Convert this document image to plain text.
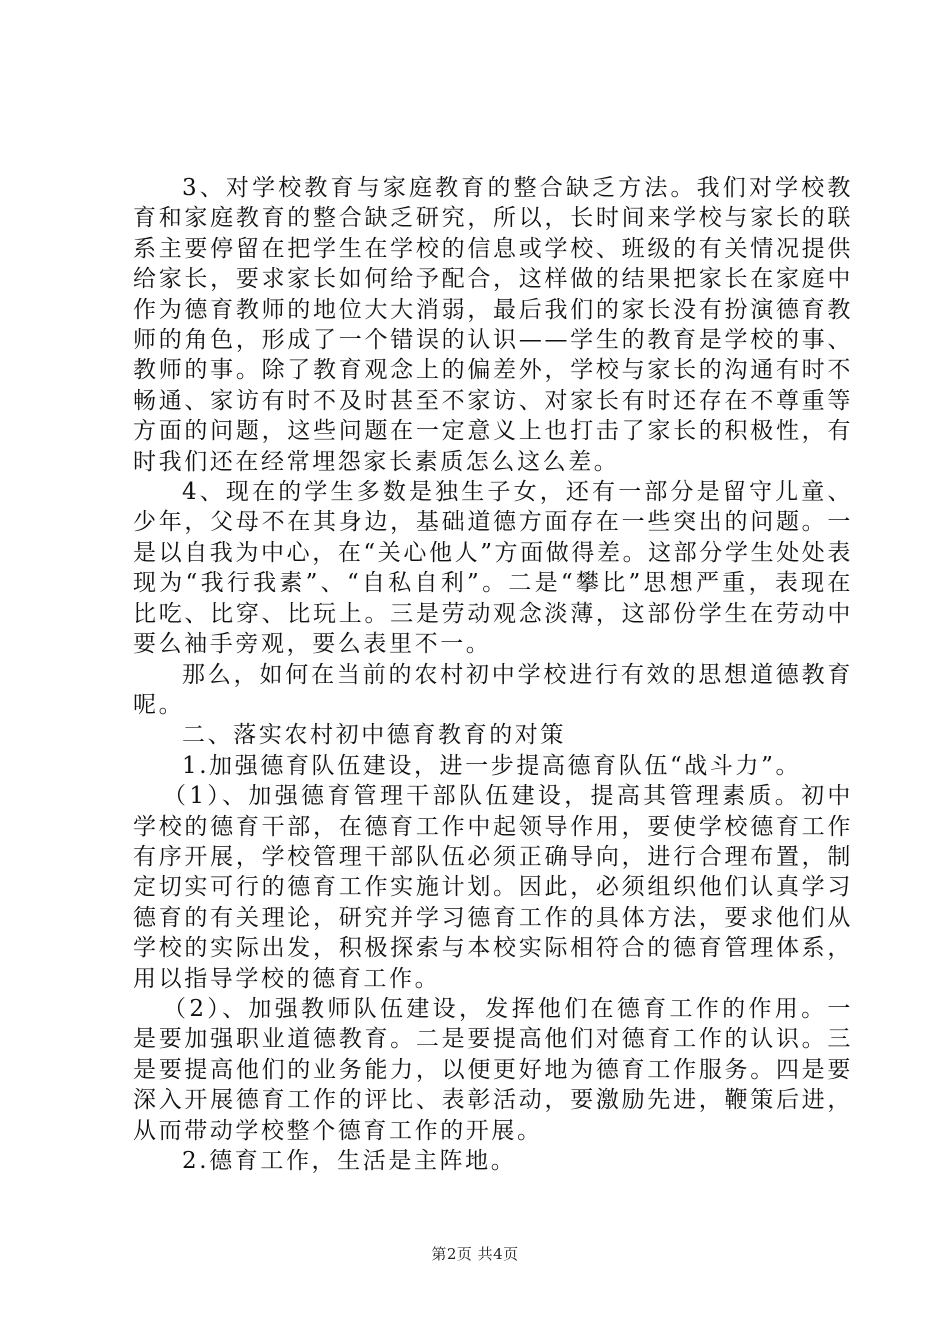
3、对学校教育与家庭教育的整合缺乏方法。我们对学校教育和家庭教育的整合缺乏研究，所以，长时间来学校与家长的联系主要停留在把学生在学校的信息或学校、班级的有关情况提供给家长，要求家长如何给予配合，这样做的结果把家长在家庭中作为德育教师的地位大大消弱，最后我们的家长没有扮演德育教师的角色，形成了一个错误的认识——学生的教育是学校的事、教师的事。除了教育观念上的偏差外，学校与家长的沟通有时不畅通、家访有时不及时甚至不家访、对家长有时还存在不尊重等方面的问题，这些问题在一定意义上也打击了家长的积极性，有时我们还在经常埋怨家长素质怎么这么差。

4、现在的学生多数是独生子女，还有一部分是留守儿童、少年，父母不在其身边，基础道德方面存在一些突出的问题。一是以自我为中心，在“关心他人”方面做得差。这部分学生处处表现为“我行我素”、“自私自利”。二是“攀比”思想严重，表现在比吃、比穿、比玩上。三是劳动观念淡薄，这部份学生在劳动中要么袖手旁观，要么表里不一。

那么，如何在当前的农村初中学校进行有效的思想道德教育呢。

二、落实农村初中德育教育的对策

1.加强德育队伍建设，进一步提高德育队伍“战斗力”。

（1）、加强德育管理干部队伍建设，提高其管理素质。初中学校的德育干部，在德育工作中起领导作用，要使学校德育工作有序开展，学校管理干部队伍必须正确导向，进行合理布置，制定切实可行的德育工作实施计划。因此，必须组织他们认真学习德育的有关理论，研究并学习德育工作的具体方法，要求他们从学校的实际出发，积极探索与本校实际相符合的德育管理体系，用以指导学校的德育工作。

（2）、加强教师队伍建设，发挥他们在德育工作的作用。一是要加强职业道德教育。二是要提高他们对德育工作的认识。三是要提高他们的业务能力，以便更好地为德育工作服务。四是要深入开展德育工作的评比、表彰活动，要激励先进，鞭策后进，从而带动学校整个德育工作的开展。

2.德育工作，生活是主阵地。

第2页 共4页
